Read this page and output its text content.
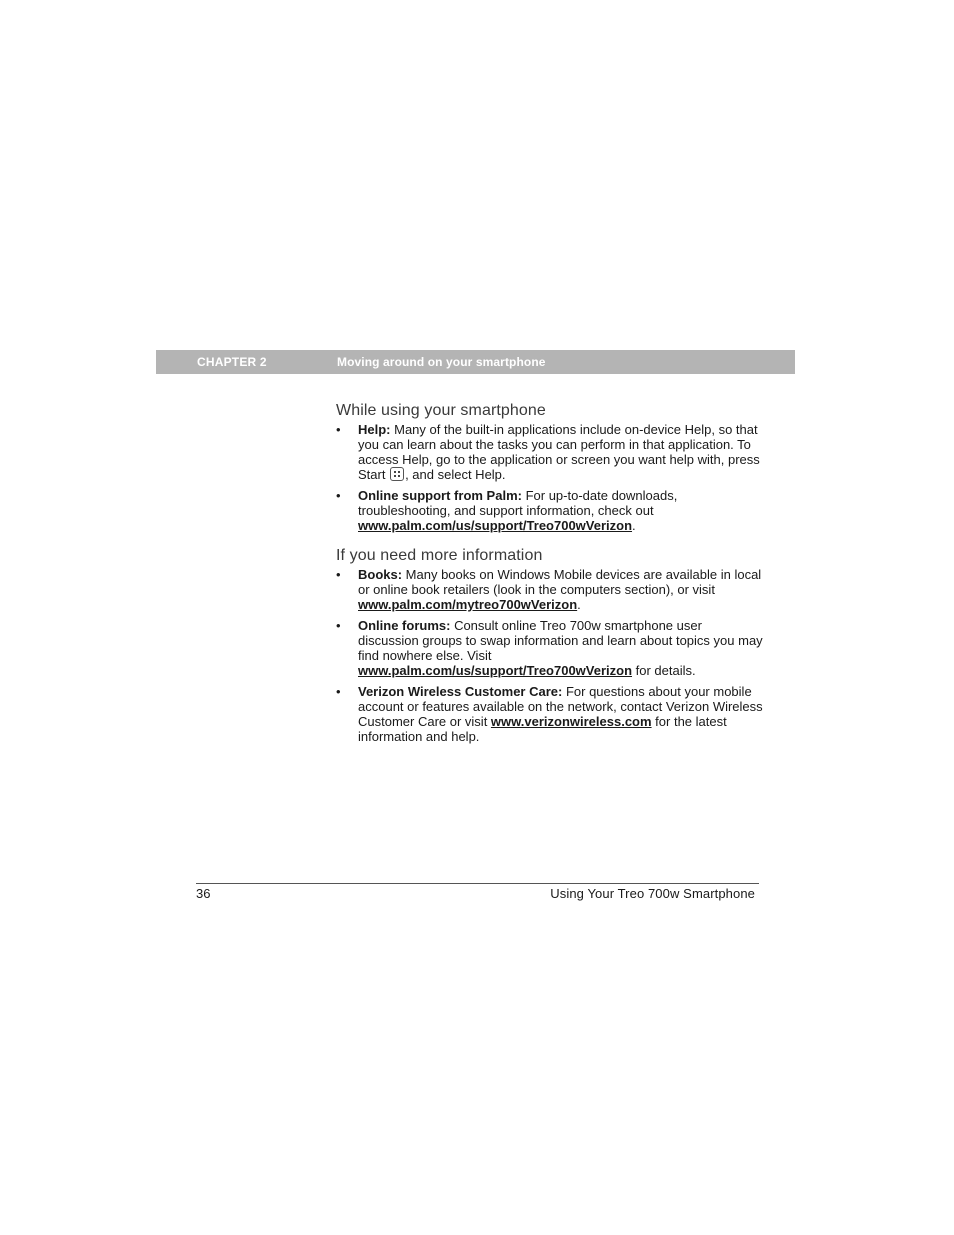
CHAPTER 2	Moving around on your smartphone
While using your smartphone
• Help: Many of the built-in applications include on-device Help, so that you can learn about the tasks you can perform in that application. To access Help, go to the application or screen you want help with, press Start , and select Help.
• Online support from Palm: For up-to-date downloads, troubleshooting, and support information, check out www.palm.com/us/support/Treo700wVerizon.
If you need more information
• Books: Many books on Windows Mobile devices are available in local or online book retailers (look in the computers section), or visit www.palm.com/mytreo700wVerizon.
• Online forums: Consult online Treo 700w smartphone user discussion groups to swap information and learn about topics you may find nowhere else. Visit www.palm.com/us/support/Treo700wVerizon for details.
• Verizon Wireless Customer Care: For questions about your mobile account or features available on the network, contact Verizon Wireless Customer Care or visit www.verizonwireless.com for the latest information and help.
36	Using Your Treo 700w Smartphone
